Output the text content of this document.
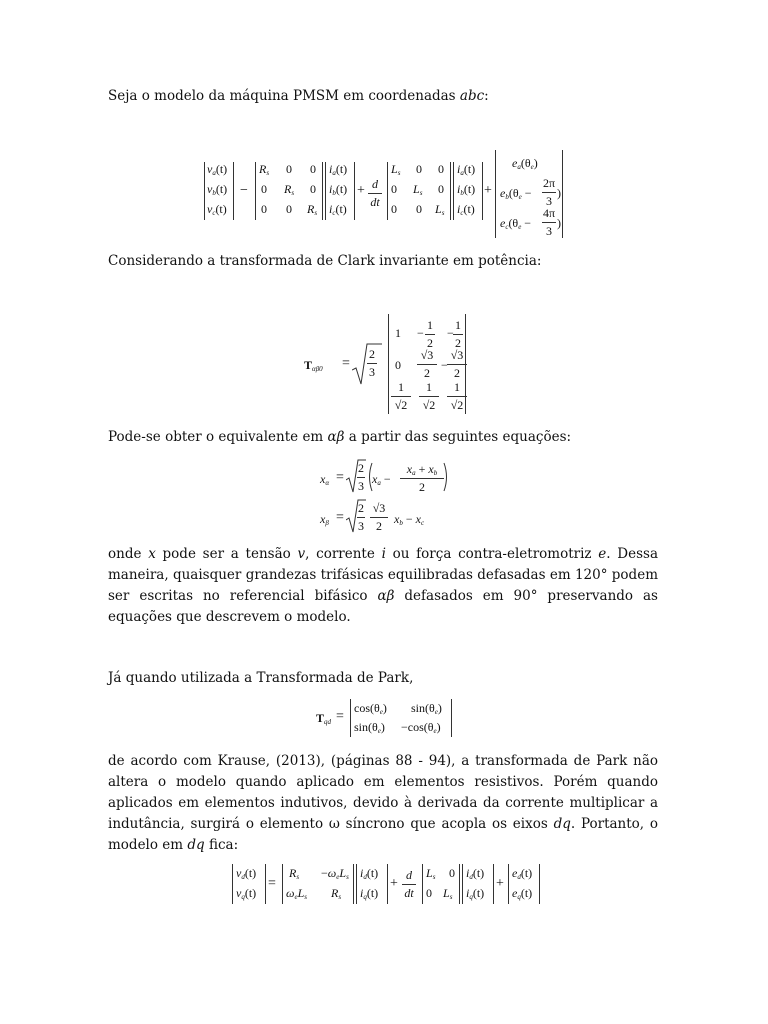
Seja o modelo da máquina PMSM em coordenadas abc:
$v_a(t)$
$v_b(t)$
$v_c(t)$
−
$R_s$ 0 0
0 $R_s$ 0
0 0 $R_s$
$i_a(t)$
$i_b(t)$
$i_c(t)$
+ d
dt
$L_s$ 0 0
0 $L_s$ 0
0 0 $L_s$
$i_a(t)$
$i_b(t)$
$i_c(t)$
+
$e_a(\theta_e)$
$e_b(\theta_e$ −
2π
3
)
$e_c(\theta_e$ −
4π
3
)
Considerando a transformada de Clark invariante em potência:
$T_{\alpha\beta 0}$ =
2
3
1 −
1
2
−
1
2
0
√3
2
−
√3
2
1
√2
1
√2
1
√2
Pode-se obter o equivalente em αβ a partir das seguintes equações:
$x_\alpha$ =
2
3 $x_a$ −
$x_a + x_b$
2
$x_\beta$ =
2
3
√3
2	$x_b - x_c$
onde x pode ser a tensão v, corrente i ou força contra-eletromotriz e. Dessa maneira, quaisquer grandezas trifásicas equilibradas defasadas em 120° podem ser escritas no referencial bifásico αβ defasados em 90° preservando as equações que descrevem o modelo.
Já quando utilizada a Transformada de Park,
$T_{qd}$ =
$\cos(\theta_e)$ $\sin(\theta_e)$
$\sin(\theta_e) -\cos(\theta_e)$
de acordo com Krause, (2013), (páginas 88 - 94), a transformada de Park não altera o modelo quando aplicado em elementos resistivos. Porém quando aplicados em elementos indutivos, devido à derivada da corrente multiplicar a indutância, surgirá o elemento ω síncrono que acopla os eixos dq. Portanto, o modelo em dq fica:
$v_d(t)$
$v_q(t)$
=
$R_s -\omega_eL_s$
$\omega_eL_s$ $R_s$
$i_d(t)$
$i_q(t)$
+
d
dt
$L_s$ 0
0 $L_s$
$i_d(t)$
$i_q(t)$
+
$e_d(t)$
$e_q(t)$
